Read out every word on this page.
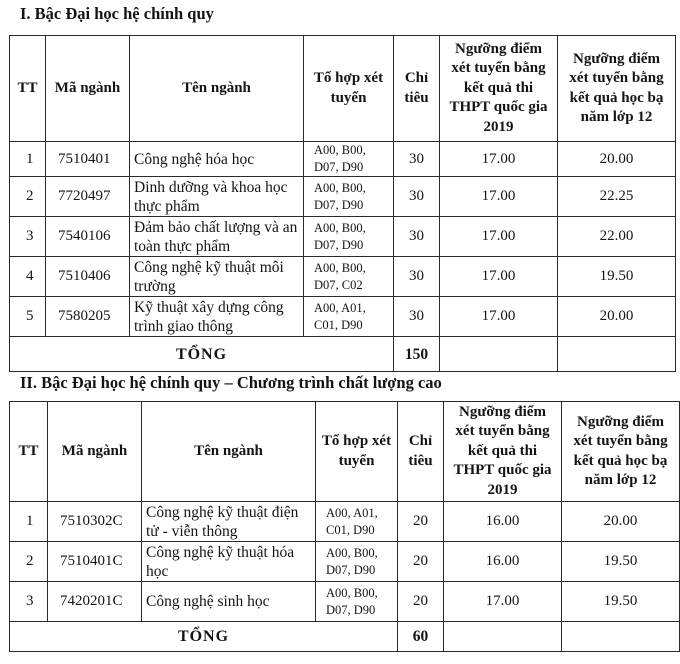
I. Bậc Đại học hệ chính quy
TT	Mã ngành	Tên ngành	Tổ hợp xét tuyển	Chỉ tiêu	Ngưỡng điểm xét tuyển bằng kết quả thi THPT quốc gia 2019	Ngưỡng điểm xét tuyển bằng kết quả học bạ năm lớp 12
1	7510401	Công nghệ hóa học	A00, B00, D07, D90	30	17.00	20.00
2	7720497	Dinh dưỡng và khoa học thực phẩm	A00, B00, D07, D90	30	17.00	22.25
3	7540106	Đảm bảo chất lượng và an toàn thực phẩm	A00, B00, D07, D90	30	17.00	22.00
4	7510406	Công nghệ kỹ thuật môi trường	A00, B00, D07, C02	30	17.00	19.50
5	7580205	Kỹ thuật xây dựng công trình giao thông	A00, A01, C01, D90	30	17.00	20.00
TỔNG				150		
II. Bậc Đại học hệ chính quy – Chương trình chất lượng cao
TT	Mã ngành	Tên ngành	Tổ hợp xét tuyển	Chỉ tiêu	Ngưỡng điểm xét tuyển bằng kết quả thi THPT quốc gia 2019	Ngưỡng điểm xét tuyển bằng kết quả học bạ năm lớp 12
1	7510302C	Công nghệ kỹ thuật điện tử - viễn thông	A00, A01, C01, D90	20	16.00	20.00
2	7510401C	Công nghệ kỹ thuật hóa học	A00, B00, D07, D90	20	16.00	19.50
3	7420201C	Công nghệ sinh học	A00, B00, D07, D90	20	17.00	19.50
TỔNG				60		
